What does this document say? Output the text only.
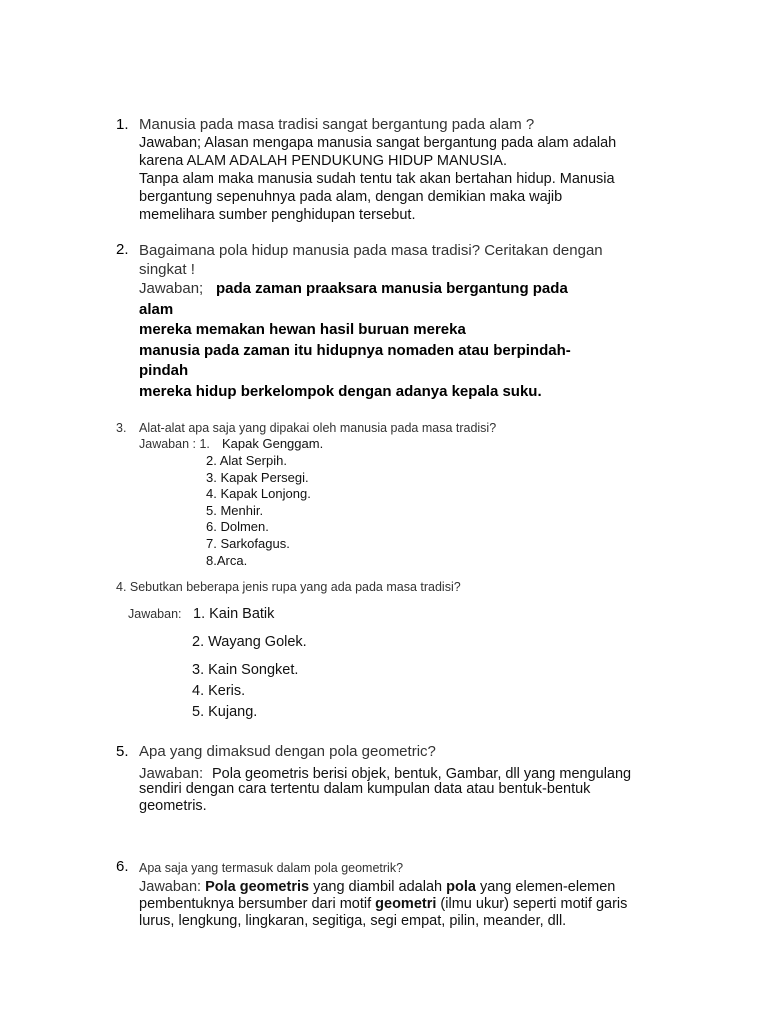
1. Manusia pada masa tradisi sangat bergantung pada alam ?
Jawaban; Alasan mengapa manusia sangat bergantung pada alam adalah
karena ALAM ADALAH PENDUKUNG HIDUP MANUSIA.
Tanpa alam maka manusia sudah tentu tak akan bertahan hidup. Manusia
bergantung sepenuhnya pada alam, dengan demikian maka wajib
memelihara sumber penghidupan tersebut.
2. Bagaimana pola hidup manusia pada masa tradisi? Ceritakan dengan
singkat !
Jawaban; pada zaman praaksara manusia bergantung pada
alam
mereka memakan hewan hasil buruan mereka
manusia pada zaman itu hidupnya nomaden atau berpindah-
pindah
mereka hidup berkelompok dengan adanya kepala suku.
3. Alat-alat apa saja yang dipakai oleh manusia pada masa tradisi?
Jawaban : 1. Kapak Genggam.
2. Alat Serpih.
3. Kapak Persegi.
4. Kapak Lonjong.
5. Menhir.
6. Dolmen.
7. Sarkofagus.
8.Arca.
4. Sebutkan beberapa jenis rupa yang ada pada masa tradisi?
Jawaban: 1. Kain Batik
2. Wayang Golek.
3. Kain Songket.
4. Keris.
5. Kujang.
5. Apa yang dimaksud dengan pola geometric?
Jawaban: Pola geometris berisi objek, bentuk, Gambar, dll yang mengulang
sendiri dengan cara tertentu dalam kumpulan data atau bentuk-bentuk
geometris.
6. Apa saja yang termasuk dalam pola geometrik?
Jawaban: Pola geometris yang diambil adalah pola yang elemen-elemen
pembentuknya bersumber dari motif geometri (ilmu ukur) seperti motif garis
lurus, lengkung, lingkaran, segitiga, segi empat, pilin, meander, dll.
